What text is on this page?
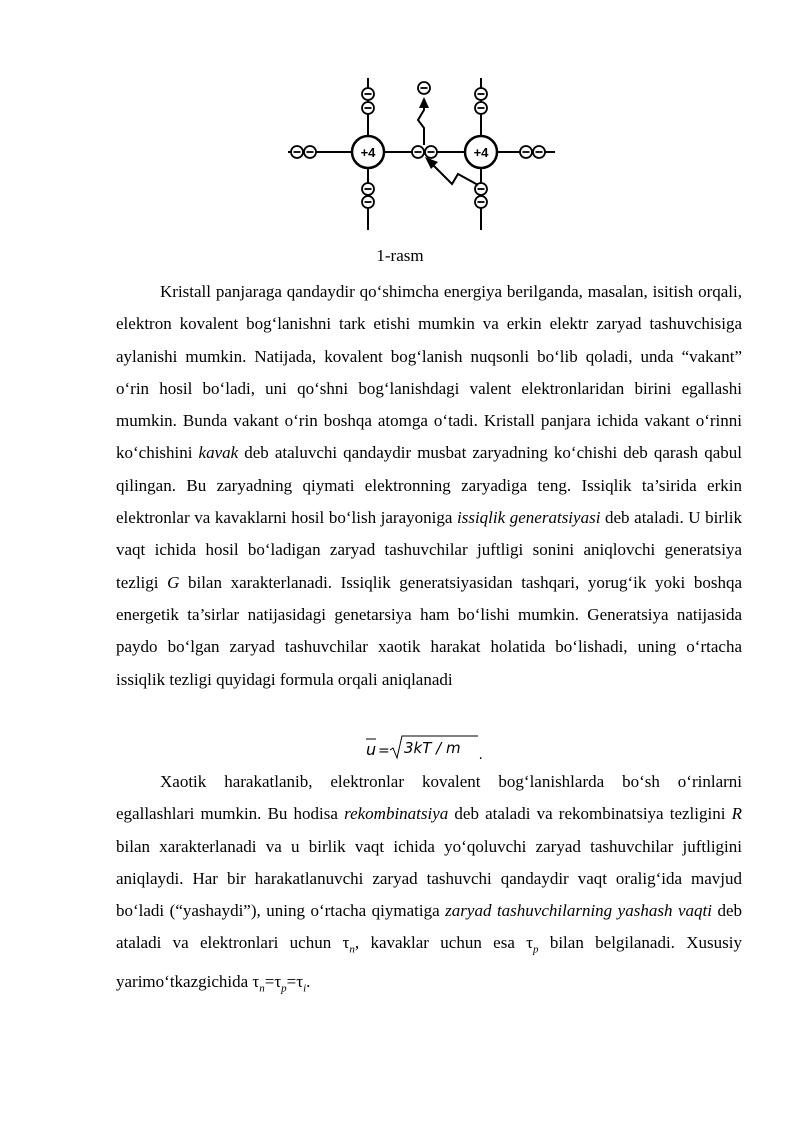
+4	+4
1-rasm

Kristall panjaraga qandaydir qo‘shimcha energiya berilganda, masalan, isitish orqali, elektron kovalent bog‘lanishni tark etishi mumkin va erkin elektr zaryad tashuvchisiga aylanishi mumkin. Natijada, kovalent bog‘lanish nuqsonli bo‘lib qoladi, unda “vakant” o‘rin hosil bo‘ladi, uni qo‘shni bog‘lanishdagi valent elektronlaridan birini egallashi mumkin. Bunda vakant o‘rin boshqa atomga o‘tadi. Kristall panjara ichida vakant o‘rinni ko‘chishini kavak deb ataluvchi qandaydir musbat zaryadning ko‘chishi deb qarash qabul qilingan. Bu zaryadning qiymati elektronning zaryadiga teng. Issiqlik ta’sirida erkin elektronlar va kavaklarni hosil bo‘lish jarayoniga issiqlik generatsiyasi deb ataladi. U birlik vaqt ichida hosil bo‘ladigan zaryad tashuvchilar juftligi sonini aniqlovchi generatsiya tezligi G bilan xarakterlanadi. Issiqlik generatsiyasidan tashqari, yorug‘ik yoki boshqa energetik ta’sirlar natijasidagi genetarsiya ham bo‘lishi mumkin. Generatsiya natijasida paydo bo‘lgan zaryad tashuvchilar xaotik harakat holatida bo‘lishadi, uning o‘rtacha issiqlik tezligi quyidagi formula orqali aniqlanadi

u = 3kT / m .

Xaotik harakatlanib, elektronlar kovalent bog‘lanishlarda bo‘sh o‘rinlarni egallashlari mumkin. Bu hodisa rekombinatsiya deb ataladi va rekombinatsiya tezligini R bilan xarakterlanadi va u birlik vaqt ichida yo‘qoluvchi zaryad tashuvchilar juftligini aniqlaydi. Har bir harakatlanuvchi zaryad tashuvchi qandaydir vaqt oralig‘ida mavjud bo‘ladi (“yashaydi”), uning o‘rtacha qiymatiga zaryad tashuvchilarning yashash vaqti deb ataladi va elektronlari uchun $\tau_n$, kavaklar uchun esa $\tau_p$ bilan belgilanadi. Xususiy yarimo‘tkazgichida $\tau_n=\tau_p=\tau_i$.
